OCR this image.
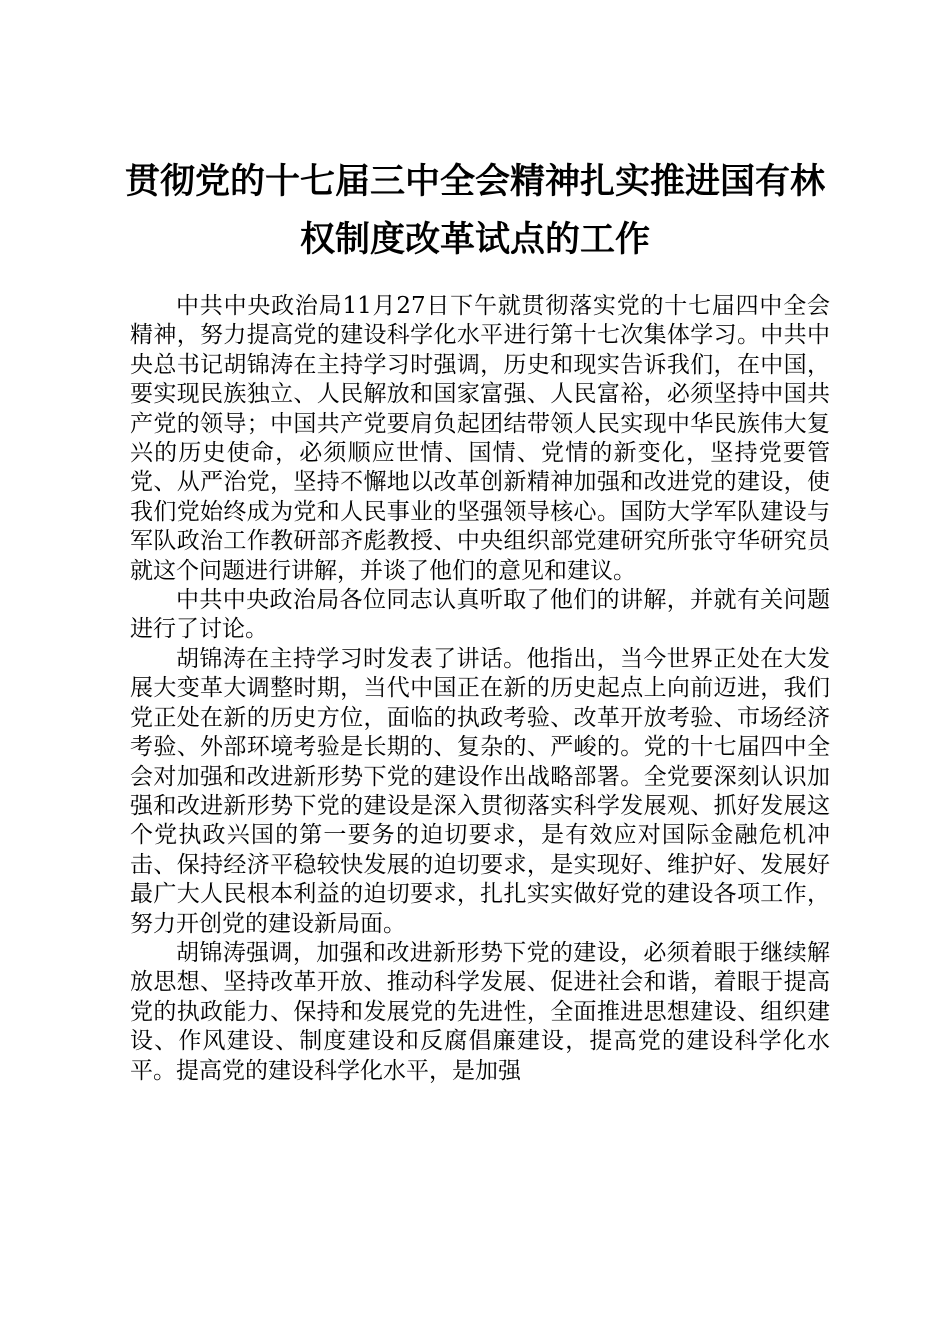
贯彻党的十七届三中全会精神扎实推进国有林
权制度改革试点的工作

中共中央政治局11月27日下午就贯彻落实党的十七届四中全会精神，努力提高党的建设科学化水平进行第十七次集体学习。中共中央总书记胡锦涛在主持学习时强调，历史和现实告诉我们，在中国，要实现民族独立、人民解放和国家富强、人民富裕，必须坚持中国共产党的领导；中国共产党要肩负起团结带领人民实现中华民族伟大复兴的历史使命，必须顺应世情、国情、党情的新变化，坚持党要管党、从严治党，坚持不懈地以改革创新精神加强和改进党的建设，使我们党始终成为党和人民事业的坚强领导核心。国防大学军队建设与军队政治工作教研部齐彪教授、中央组织部党建研究所张守华研究员就这个问题进行讲解，并谈了他们的意见和建议。

中共中央政治局各位同志认真听取了他们的讲解，并就有关问题进行了讨论。

胡锦涛在主持学习时发表了讲话。他指出，当今世界正处在大发展大变革大调整时期，当代中国正在新的历史起点上向前迈进，我们党正处在新的历史方位，面临的执政考验、改革开放考验、市场经济考验、外部环境考验是长期的、复杂的、严峻的。党的十七届四中全会对加强和改进新形势下党的建设作出战略部署。全党要深刻认识加强和改进新形势下党的建设是深入贯彻落实科学发展观、抓好发展这个党执政兴国的第一要务的迫切要求，是有效应对国际金融危机冲击、保持经济平稳较快发展的迫切要求，是实现好、维护好、发展好最广大人民根本利益的迫切要求，扎扎实实做好党的建设各项工作，努力开创党的建设新局面。

胡锦涛强调，加强和改进新形势下党的建设，必须着眼于继续解放思想、坚持改革开放、推动科学发展、促进社会和谐，着眼于提高党的执政能力、保持和发展党的先进性，全面推进思想建设、组织建设、作风建设、制度建设和反腐倡廉建设，提高党的建设科学化水平。提高党的建设科学化水平，是加强
